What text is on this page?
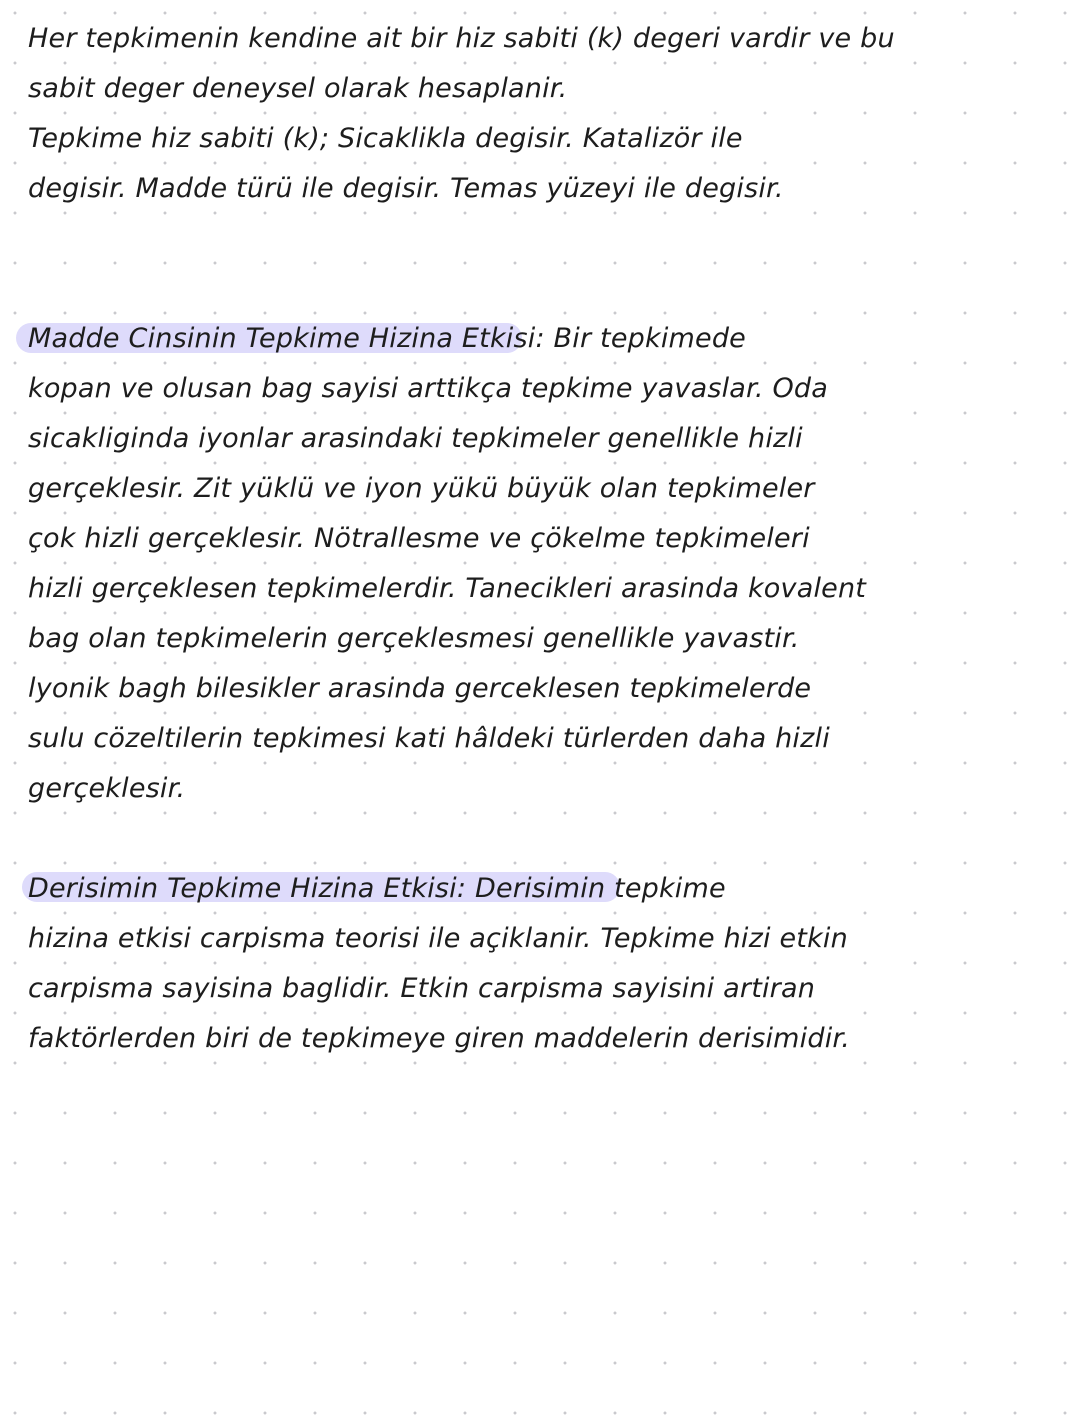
Her tepkimenin kendine ait bir hiz sabiti (k) degeri vardir ve bu

sabit deger deneysel olarak hesaplanir.

Tepkime hiz sabiti (k); Sicaklikla degisir. Katalizör ile

degisir. Madde türü ile degisir. Temas yüzeyi ile degisir.

Madde Cinsinin Tepkime Hizina Etkisi: Bir tepkimede

kopan ve olusan bag sayisi arttikça tepkime yavaslar. Oda

sicakliginda iyonlar arasindaki tepkimeler genellikle hizli

gerçeklesir. Zit yüklü ve iyon yükü büyük olan tepkimeler

çok hizli gerçeklesir. Nötrallesme ve çökelme tepkimeleri

hizli gerçeklesen tepkimelerdir. Tanecikleri arasinda kovalent

bag olan tepkimelerin gerçeklesmesi genellikle yavastir.

lyonik bagh bilesikler arasinda gerceklesen tepkimelerde

sulu cözeltilerin tepkimesi kati hâldeki türlerden daha hizli

gerçeklesir.

Derisimin Tepkime Hizina Etkisi: Derisimin tepkime

hizina etkisi carpisma teorisi ile açiklanir. Tepkime hizi etkin

carpisma sayisina baglidir. Etkin carpisma sayisini artiran

faktörlerden biri de tepkimeye giren maddelerin derisimidir.
